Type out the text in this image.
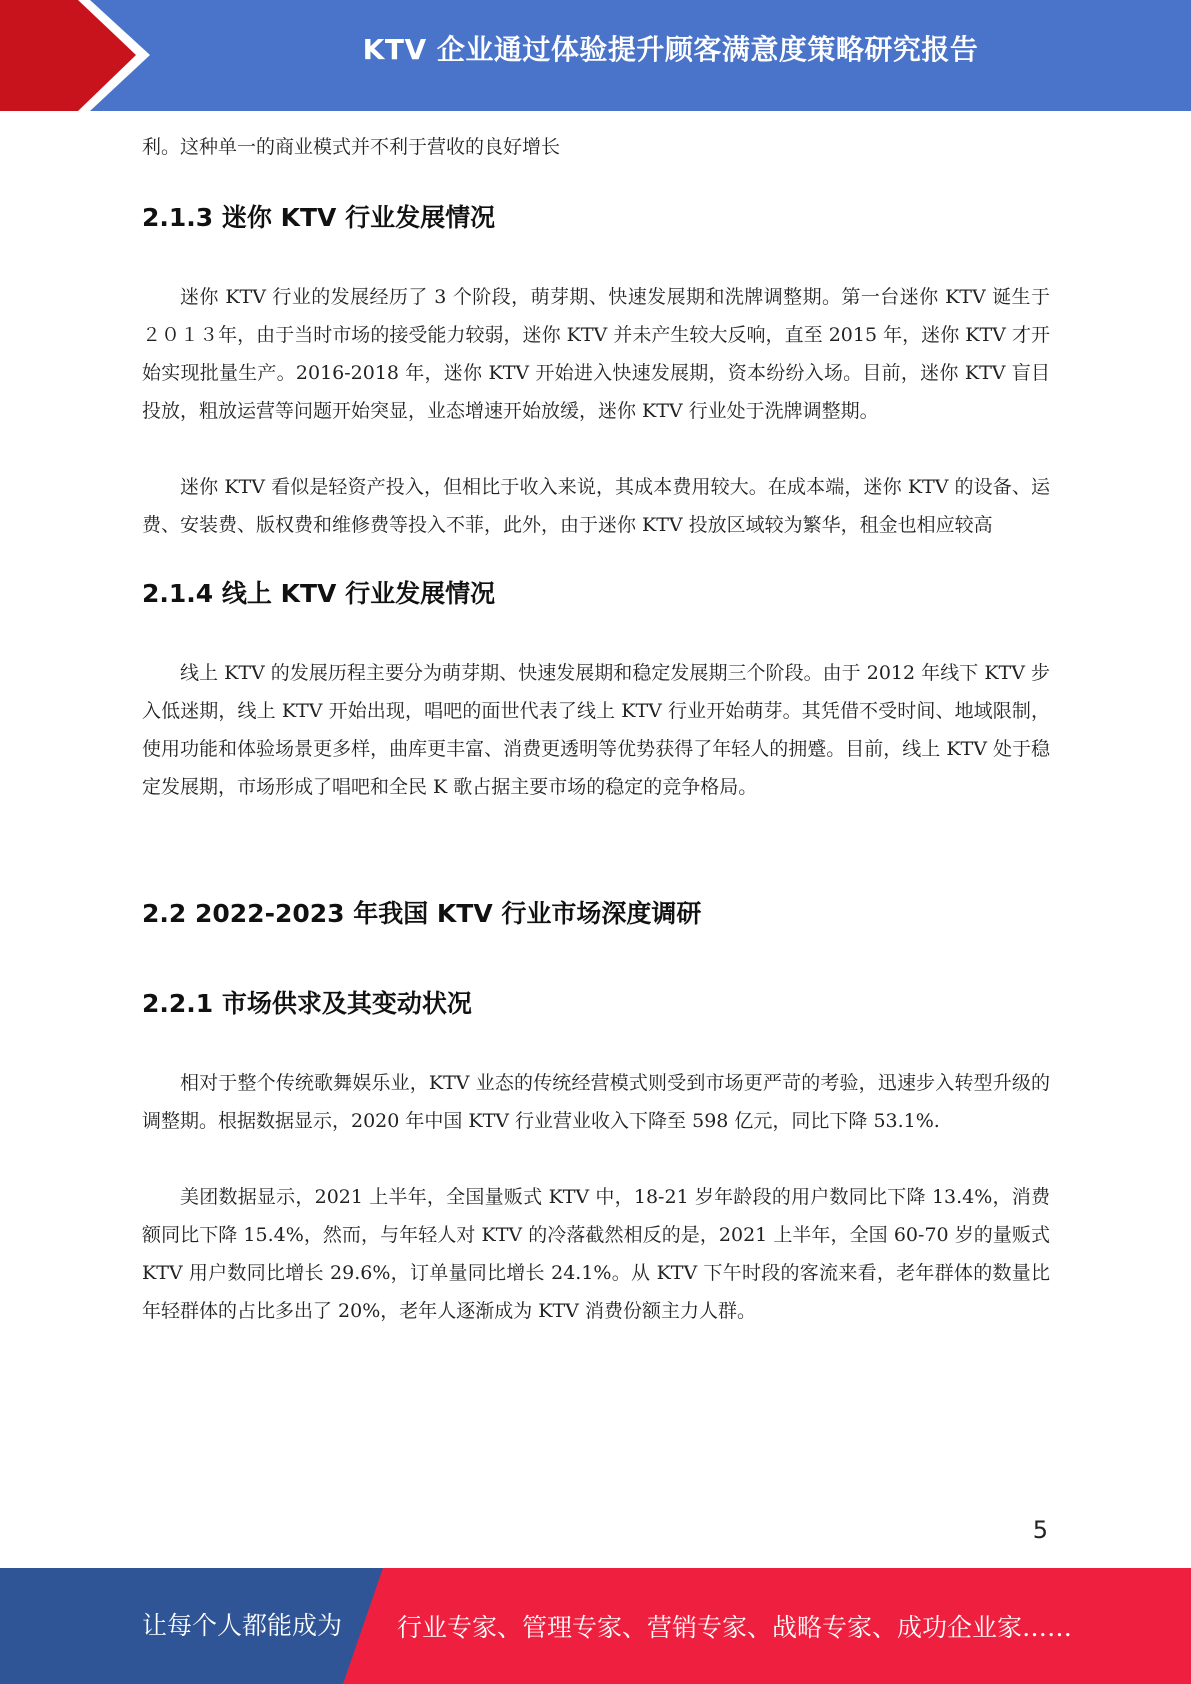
KTV 企业通过体验提升顾客满意度策略研究报告

利。这种单一的商业模式并不利于营收的良好增长

2.1.3 迷你 KTV 行业发展情况

迷你 KTV 行业的发展经历了 3 个阶段，萌芽期、快速发展期和洗牌调整期。第一台迷你 KTV 诞生于２０１３年，由于当时市场的接受能力较弱，迷你 KTV 并未产生较大反响，直至 2015 年，迷你 KTV 才开始实现批量生产。2016-2018 年，迷你 KTV 开始进入快速发展期，资本纷纷入场。目前，迷你 KTV 盲目投放，粗放运营等问题开始突显，业态增速开始放缓，迷你 KTV 行业处于洗牌调整期。

迷你 KTV 看似是轻资产投入，但相比于收入来说，其成本费用较大。在成本端，迷你 KTV 的设备、运费、安装费、版权费和维修费等投入不菲，此外，由于迷你 KTV 投放区域较为繁华，租金也相应较高

2.1.4 线上 KTV 行业发展情况

线上 KTV 的发展历程主要分为萌芽期、快速发展期和稳定发展期三个阶段。由于 2012 年线下 KTV 步入低迷期，线上 KTV 开始出现，唱吧的面世代表了线上 KTV 行业开始萌芽。其凭借不受时间、地域限制，使用功能和体验场景更多样，曲库更丰富、消费更透明等优势获得了年轻人的拥蹙。目前，线上 KTV 处于稳定发展期，市场形成了唱吧和全民 K 歌占据主要市场的稳定的竞争格局。

2.2 2022-2023 年我国 KTV 行业市场深度调研
2.2.1 市场供求及其变动状况

相对于整个传统歌舞娱乐业，KTV 业态的传统经营模式则受到市场更严苛的考验，迅速步入转型升级的调整期。根据数据显示，2020 年中国 KTV 行业营业收入下降至 598 亿元，同比下降 53.1%.

美团数据显示，2021 上半年，全国量贩式 KTV 中，18-21 岁年龄段的用户数同比下降 13.4%，消费额同比下降 15.4%，然而，与年轻人对 KTV 的冷落截然相反的是，2021 上半年，全国 60-70 岁的量贩式 KTV 用户数同比增长 29.6%，订单量同比增长 24.1%。从 KTV 下午时段的客流来看，老年群体的数量比年轻群体的占比多出了 20%，老年人逐渐成为 KTV 消费份额主力人群。

5
让每个人都能成为 行业专家、管理专家、营销专家、战略专家、成功企业家……
